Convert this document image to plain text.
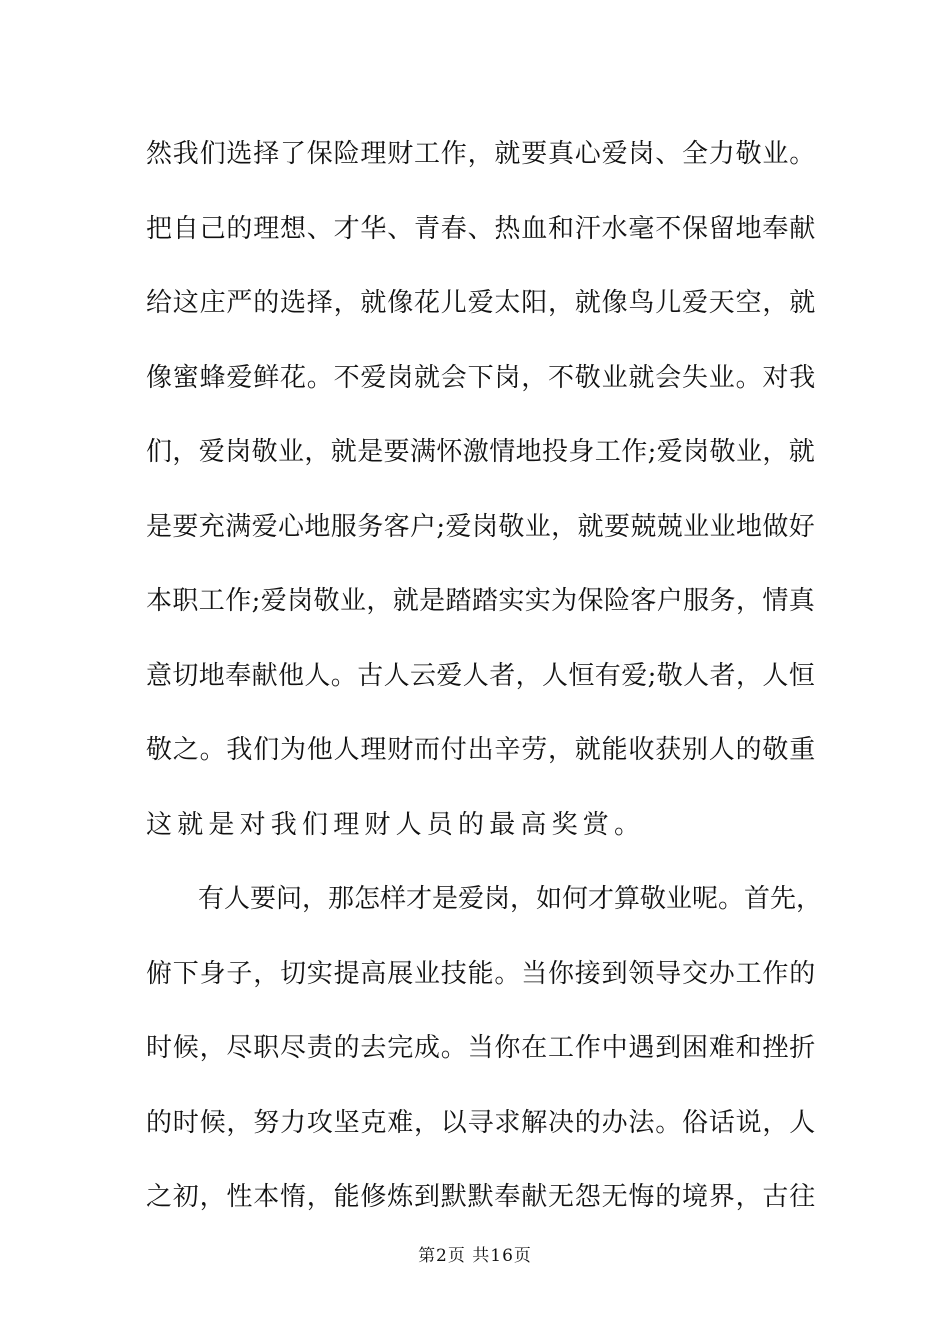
然我们选择了保险理财工作，就要真心爱岗、全力敬业。
把自己的理想、才华、青春、热血和汗水毫不保留地奉献
给这庄严的选择，就像花儿爱太阳，就像鸟儿爱天空，就
像蜜蜂爱鲜花。不爱岗就会下岗，不敬业就会失业。对我
们，爱岗敬业，就是要满怀激情地投身工作;爱岗敬业，就
是要充满爱心地服务客户;爱岗敬业，就要兢兢业业地做好
本职工作;爱岗敬业，就是踏踏实实为保险客户服务，情真
意切地奉献他人。古人云爱人者，人恒有爱;敬人者，人恒
敬之。我们为他人理财而付出辛劳，就能收获别人的敬重
这就是对我们理财人员的最高奖赏。
　　有人要问，那怎样才是爱岗，如何才算敬业呢。首先，
俯下身子，切实提高展业技能。当你接到领导交办工作的
时候，尽职尽责的去完成。当你在工作中遇到困难和挫折
的时候，努力攻坚克难，以寻求解决的办法。俗话说，人
之初，性本惰，能修炼到默默奉献无怨无悔的境界，古往
第2页 共16页
